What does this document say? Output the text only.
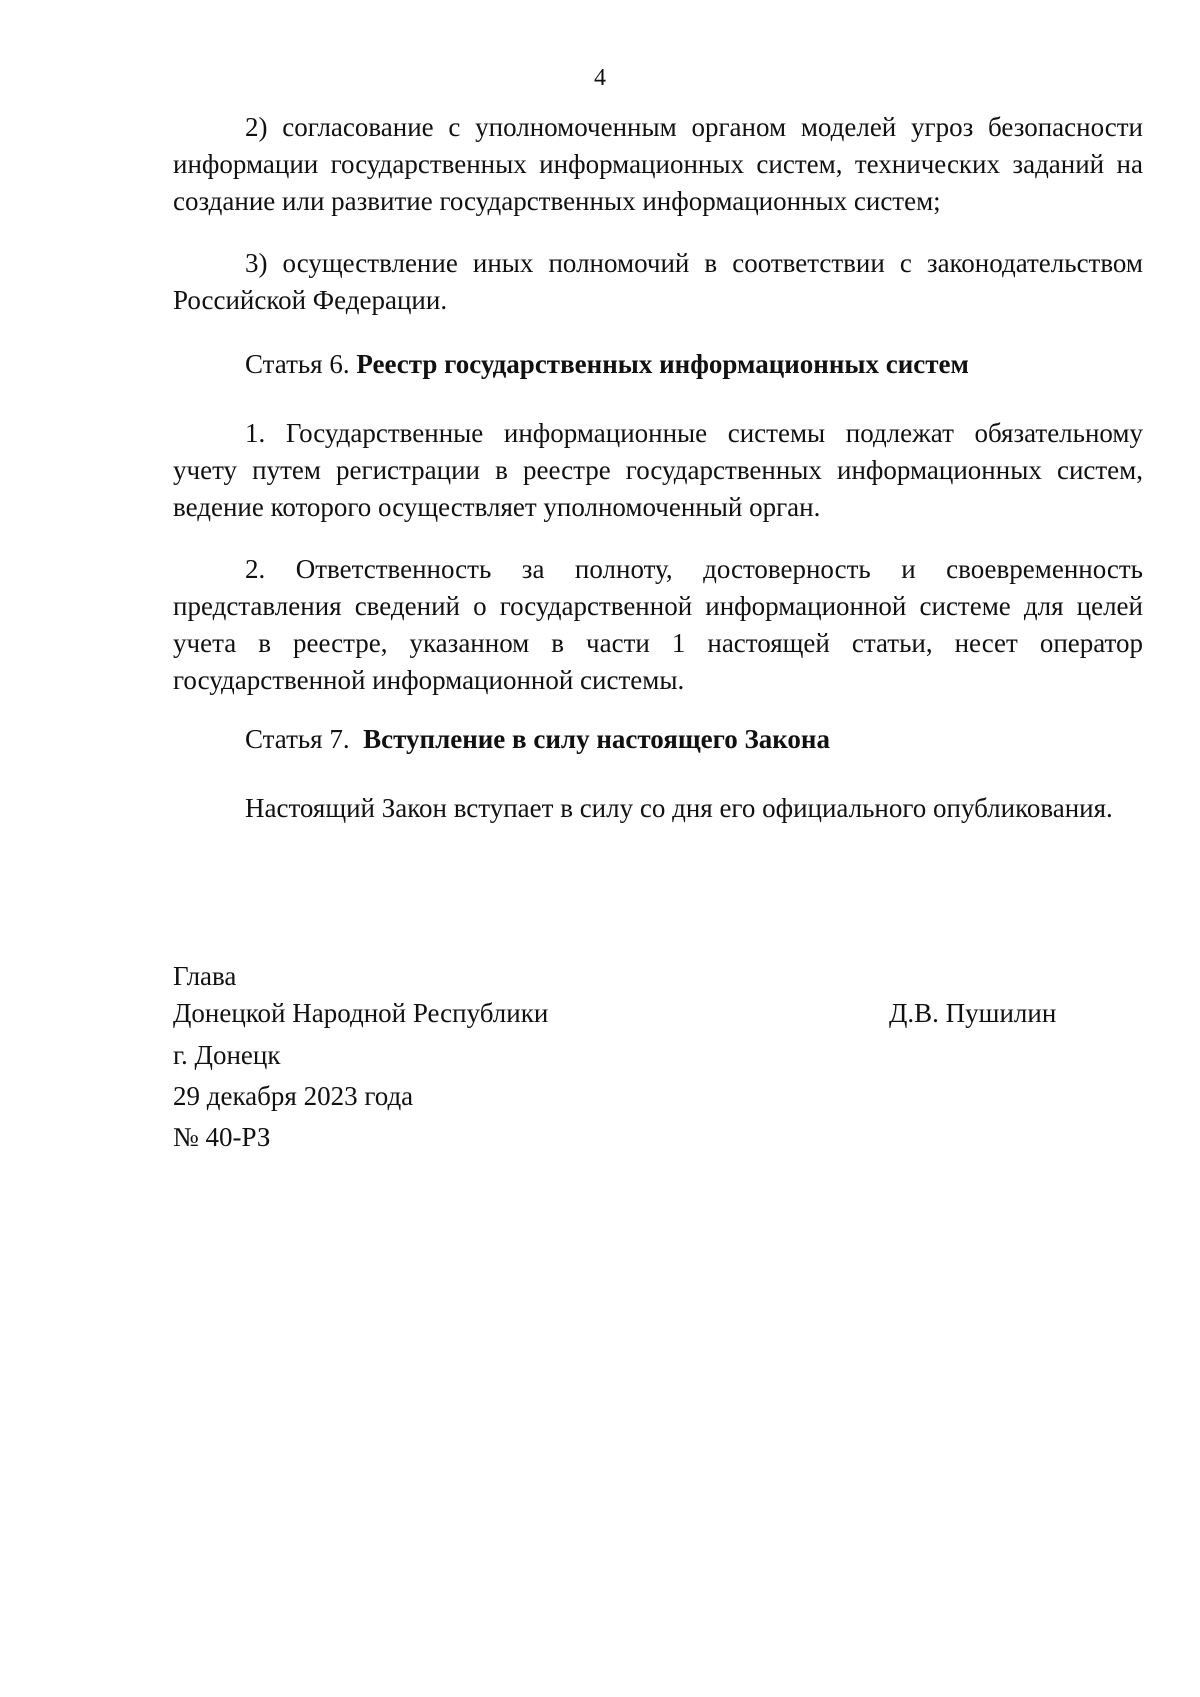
4

2) согласование с уполномоченным органом моделей угроз безопасности информации государственных информационных систем, технических заданий на создание или развитие государственных информационных систем;

3) осуществление иных полномочий в соответствии с законодательством Российской Федерации.

Статья 6. Реестр государственных информационных систем

1. Государственные информационные системы подлежат обязательному учету путем регистрации в реестре государственных информационных систем, ведение которого осуществляет уполномоченный орган.

2. Ответственность за полноту, достоверность и своевременность представления сведений о государственной информационной системе для целей учета в реестре, указанном в части 1 настоящей статьи, несет оператор государственной информационной системы.

Статья 7. Вступление в силу настоящего Закона

Настоящий Закон вступает в силу со дня его официального опубликования.

Глава
Донецкой Народной Республики	Д.В. Пушилин
г. Донецк
29 декабря 2023 года
№ 40-РЗ
